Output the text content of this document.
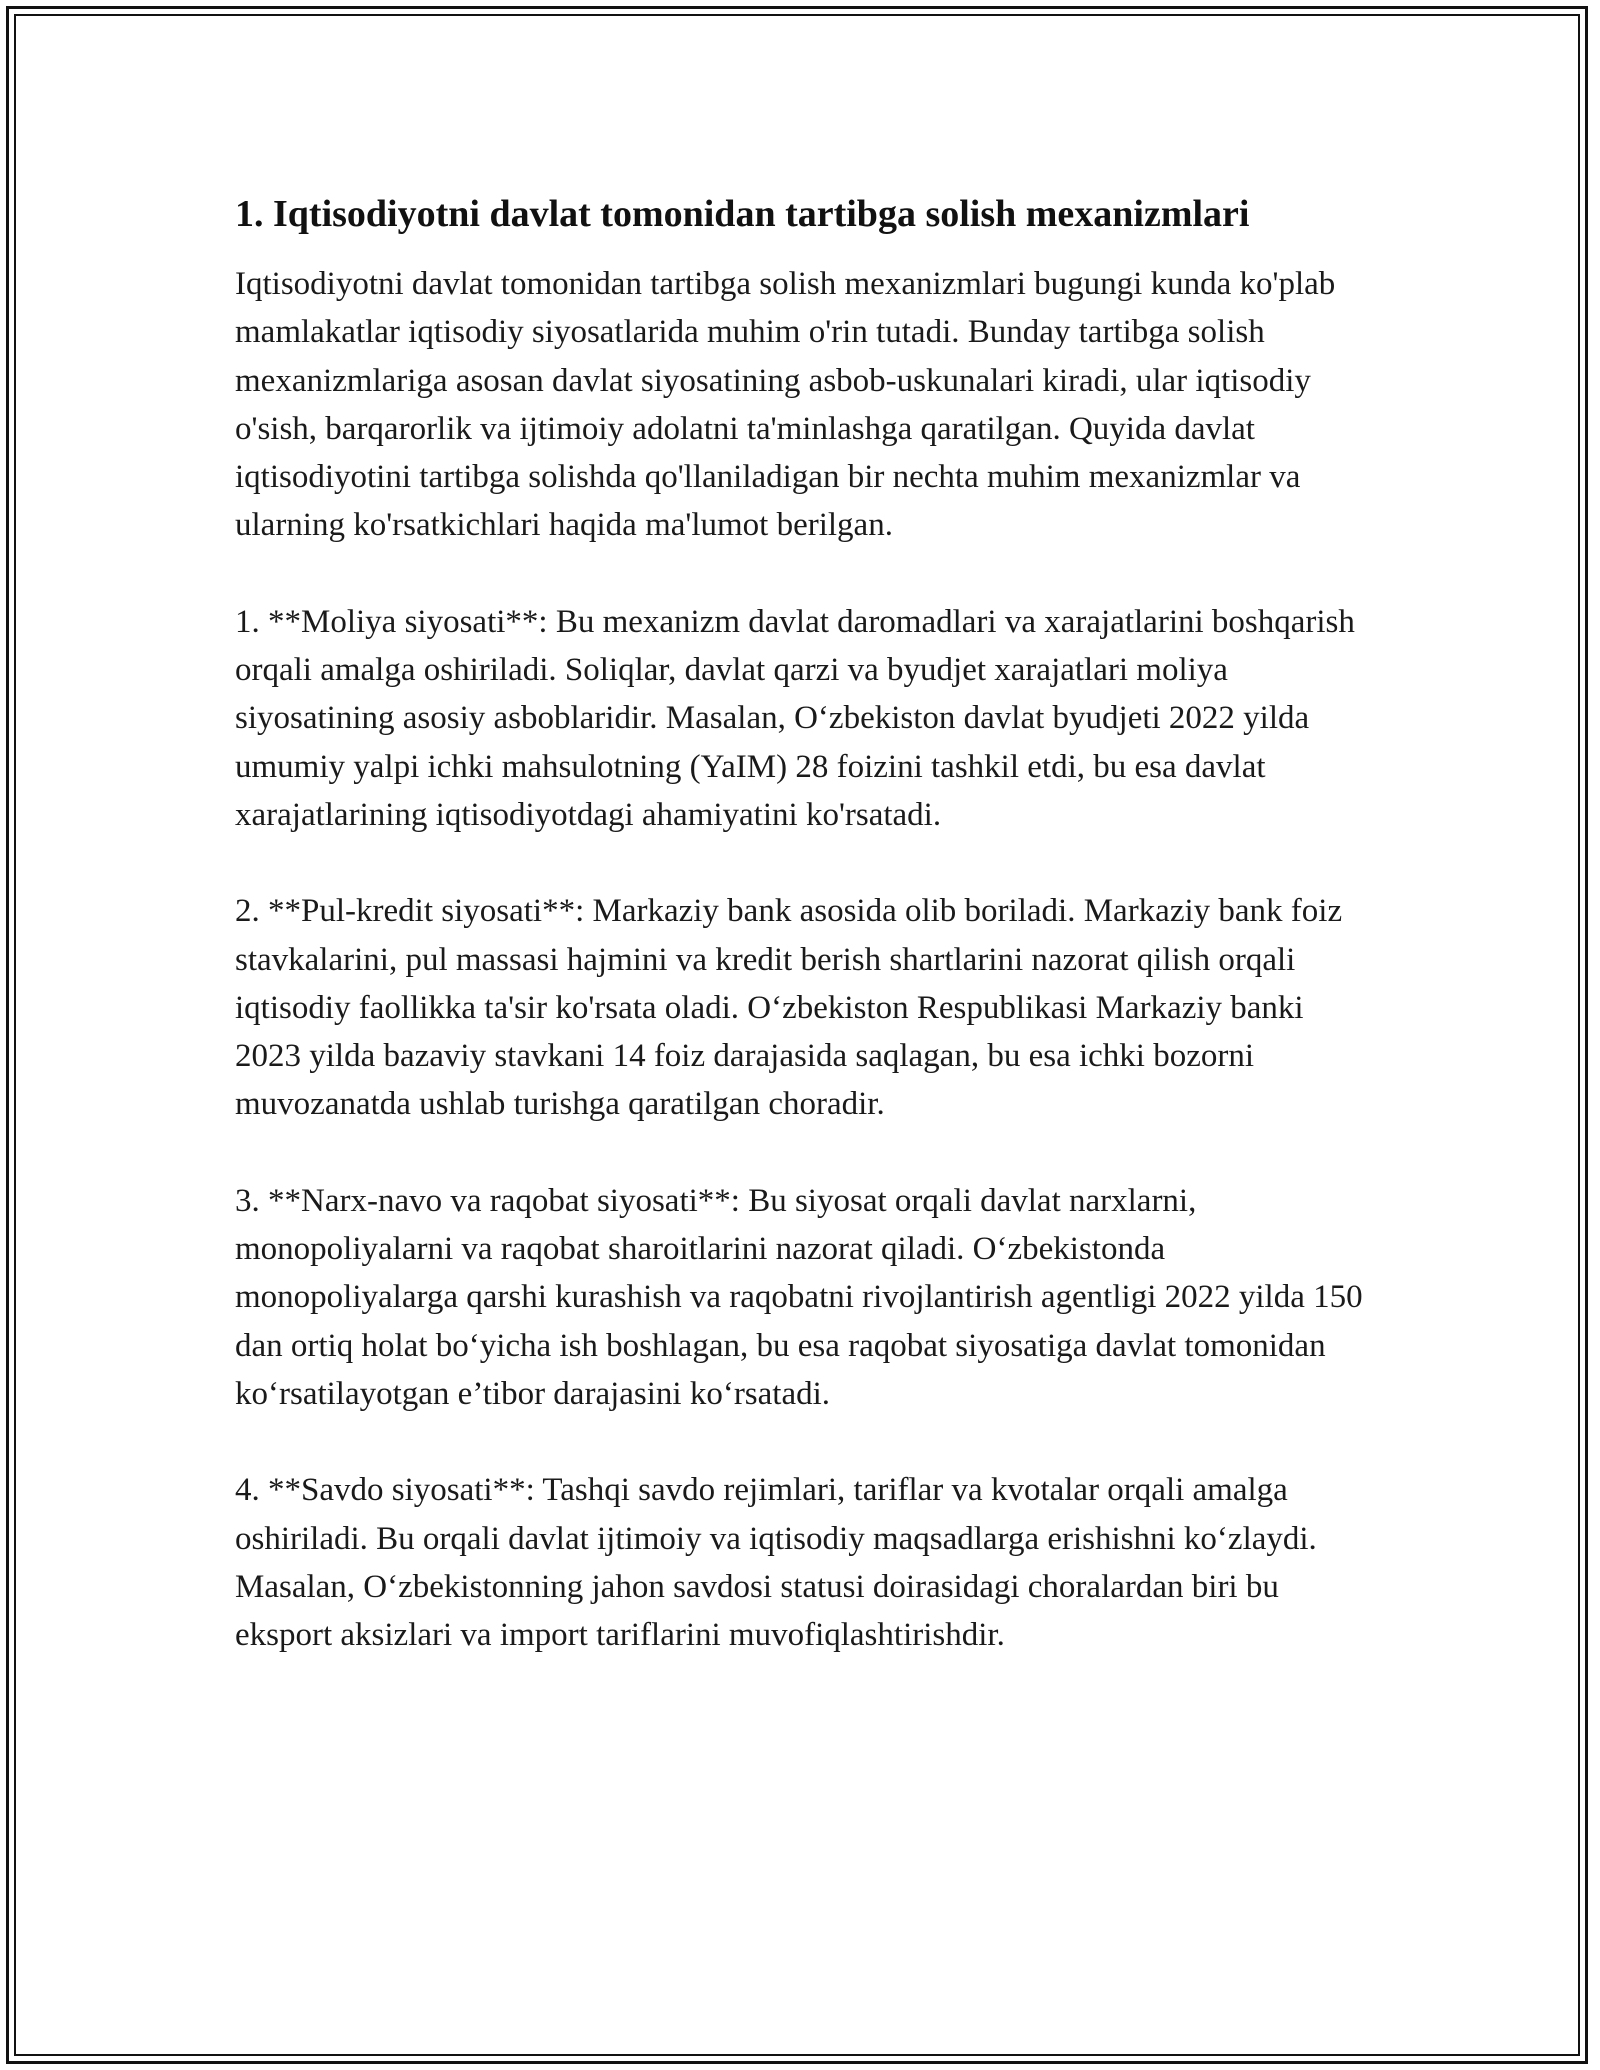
1. Iqtisodiyotni davlat tomonidan tartibga solish mexanizmlari

Iqtisodiyotni davlat tomonidan tartibga solish mexanizmlari bugungi kunda ko'plab mamlakatlar iqtisodiy siyosatlarida muhim o'rin tutadi. Bunday tartibga solish mexanizmlariga asosan davlat siyosatining asbob-uskunalari kiradi, ular iqtisodiy o'sish, barqarorlik va ijtimoiy adolatni ta'minlashga qaratilgan. Quyida davlat iqtisodiyotini tartibga solishda qo'llaniladigan bir nechta muhim mexanizmlar va ularning ko'rsatkichlari haqida ma'lumot berilgan.

1. **Moliya siyosati**: Bu mexanizm davlat daromadlari va xarajatlarini boshqarish orqali amalga oshiriladi. Soliqlar, davlat qarzi va byudjet xarajatlari moliya siyosatining asosiy asboblaridir. Masalan, O‘zbekiston davlat byudjeti 2022 yilda umumiy yalpi ichki mahsulotning (YaIM) 28 foizini tashkil etdi, bu esa davlat xarajatlarining iqtisodiyotdagi ahamiyatini ko'rsatadi.

2. **Pul-kredit siyosati**: Markaziy bank asosida olib boriladi. Markaziy bank foiz stavkalarini, pul massasi hajmini va kredit berish shartlarini nazorat qilish orqali iqtisodiy faollikka ta'sir ko'rsata oladi. O‘zbekiston Respublikasi Markaziy banki 2023 yilda bazaviy stavkani 14 foiz darajasida saqlagan, bu esa ichki bozorni muvozanatda ushlab turishga qaratilgan choradir.

3. **Narx-navo va raqobat siyosati**: Bu siyosat orqali davlat narxlarni, monopoliyalarni va raqobat sharoitlarini nazorat qiladi. O‘zbekistonda monopoliyalarga qarshi kurashish va raqobatni rivojlantirish agentligi 2022 yilda 150 dan ortiq holat bo‘yicha ish boshlagan, bu esa raqobat siyosatiga davlat tomonidan ko‘rsatilayotgan e’tibor darajasini ko‘rsatadi.

4. **Savdo siyosati**: Tashqi savdo rejimlari, tariflar va kvotalar orqali amalga oshiriladi. Bu orqali davlat ijtimoiy va iqtisodiy maqsadlarga erishishni ko‘zlaydi. Masalan, O‘zbekistonning jahon savdosi statusi doirasidagi choralardan biri bu eksport aksizlari va import tariflarini muvofiqlashtirishdir.
